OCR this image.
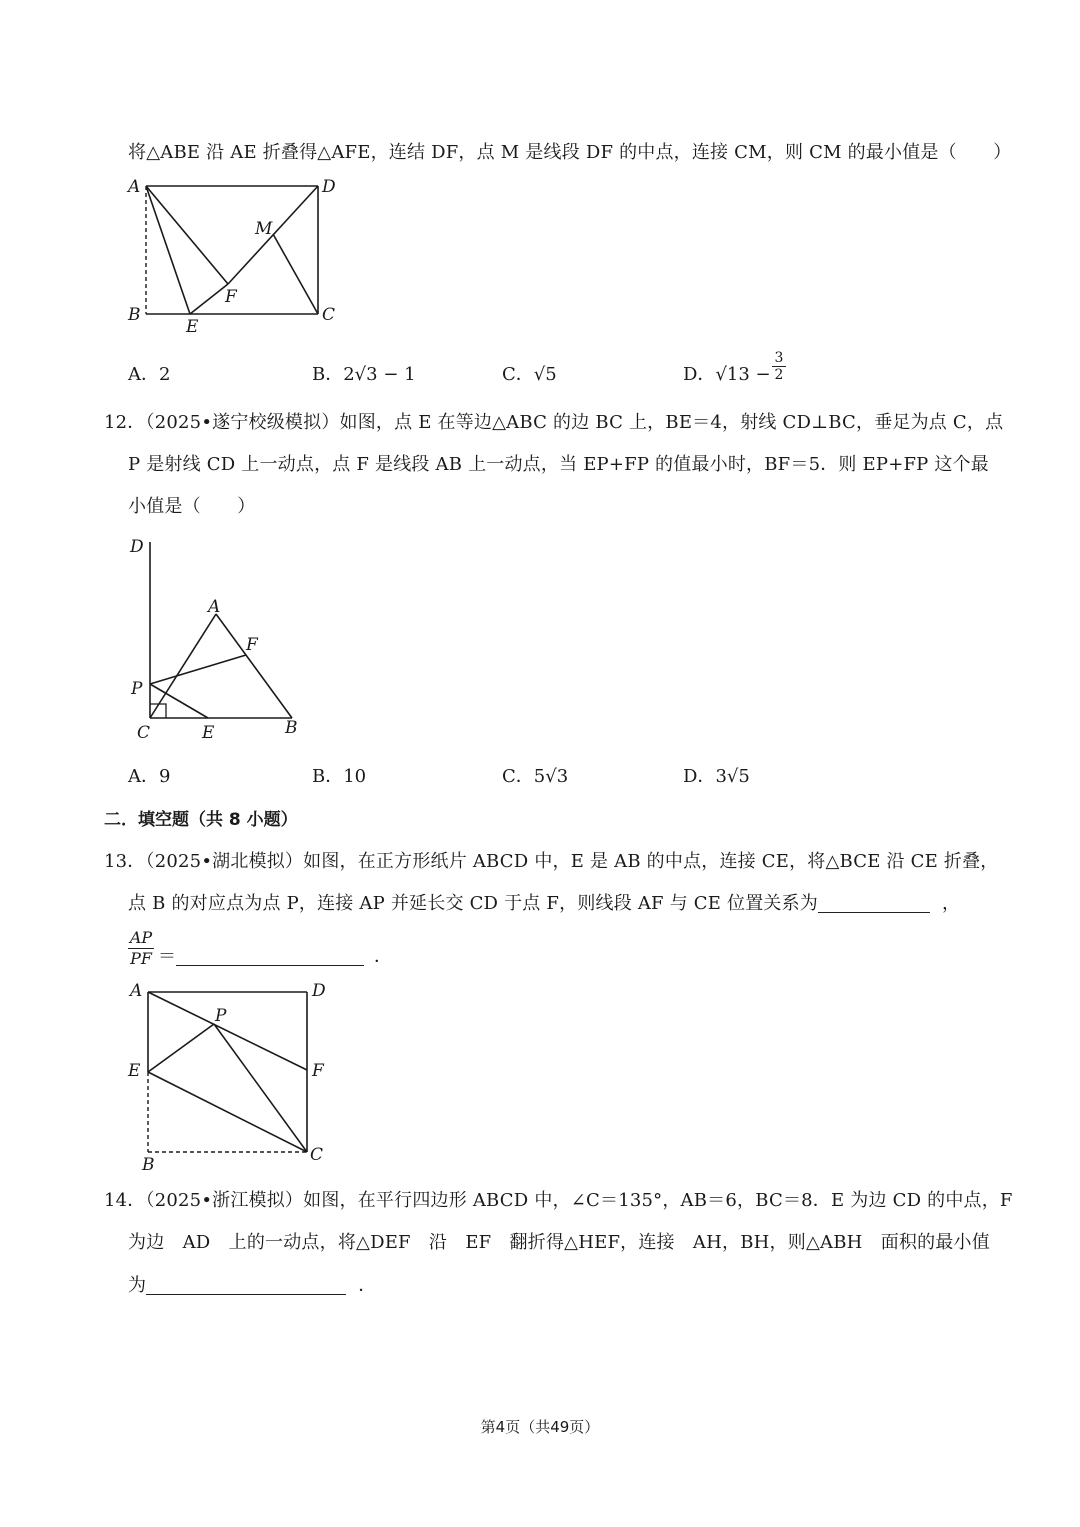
将△ABE 沿 AE 折叠得△AFE，连结 DF，点 M 是线段 DF 的中点，连接 CM，则 CM 的最小值是（　　）
A	D
M
F
B
E
C
A．2	B．2√3 − 1	C．√5	D．$√13 - \frac{3}{2}$
12．（2025•遂宁校级模拟）如图，点 E 在等边△ABC 的边 BC 上，BE＝4，射线 CD⊥BC，垂足为点 C，点
P 是射线 CD 上一动点，点 F 是线段 AB 上一动点，当 EP+FP 的值最小时，BF＝5．则 EP+FP 这个最
小值是（　　）
D
A
F
P
C	E	B
A．9	B．10	C．5√3	D．3√5
二．填空题（共 8 小题）
13．（2025•湖北模拟）如图，在正方形纸片 ABCD 中，E 是 AB 的中点，连接 CE，将△BCE 沿 CE 折叠，
点 B 的对应点为点 P，连接 AP 并延长交 CD 于点 F，则线段 AF 与 CE 位置关系为	，
$\frac{AP}{PF}$ ＝	．
A	D
P
E	F
B	C
14．（2025•浙江模拟）如图，在平行四边形 ABCD 中，∠C＝135°，AB＝6，BC＝8．E 为边 CD 的中点，F
为边　AD　上的一动点，将△DEF　沿　EF　翻折得△HEF，连接　AH，BH，则△ABH　面积的最小值
为	．
第4页（共49页）
